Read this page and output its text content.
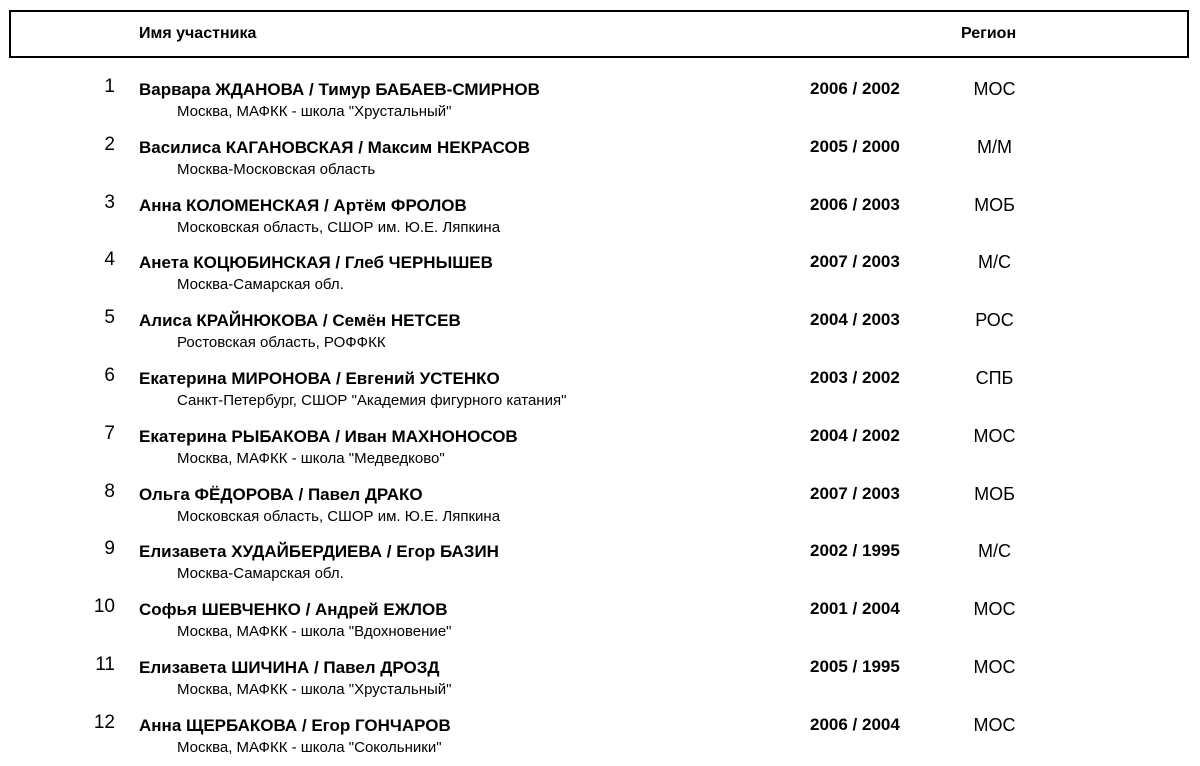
Имя участника	Регион
1 Варвара ЖДАНОВА / Тимур БАБАЕВ-СМИРНОВ
Москва, МАФКК - школа "Хрустальный"
2006 / 2002	МОС
2 Василиса КАГАНОВСКАЯ / Максим НЕКРАСОВ
Москва-Московская область
2005 / 2000	М/М
3 Анна КОЛОМЕНСКАЯ / Артём ФРОЛОВ
Московская область, СШОР им. Ю.Е. Ляпкина
2006 / 2003	МОБ
4 Анета КОЦЮБИНСКАЯ / Глеб ЧЕРНЫШЕВ
Москва-Самарская обл.
2007 / 2003	М/С
5 Алиса КРАЙНЮКОВА / Семён НЕТСЕВ
Ростовская область, РОФФКК
2004 / 2003	РОС
6 Екатерина МИРОНОВА / Евгений УСТЕНКО
Санкт-Петербург, СШОР "Академия фигурного катания"
2003 / 2002	СПБ
7 Екатерина РЫБАКОВА / Иван МАХНОНОСОВ
Москва, МАФКК - школа "Медведково"
2004 / 2002	МОС
8 Ольга ФЁДОРОВА / Павел ДРАКО
Московская область, СШОР им. Ю.Е. Ляпкина
2007 / 2003	МОБ
9 Елизавета ХУДАЙБЕРДИЕВА / Егор БАЗИН
Москва-Самарская обл.
2002 / 1995	М/С
10 Софья ШЕВЧЕНКО / Андрей ЕЖЛОВ
Москва, МАФКК - школа "Вдохновение"
2001 / 2004	МОС
11 Елизавета ШИЧИНА / Павел ДРОЗД
Москва, МАФКК - школа "Хрустальный"
2005 / 1995	МОС
12 Анна ЩЕРБАКОВА / Егор ГОНЧАРОВ
Москва, МАФКК - школа "Сокольники"
2006 / 2004	МОС
